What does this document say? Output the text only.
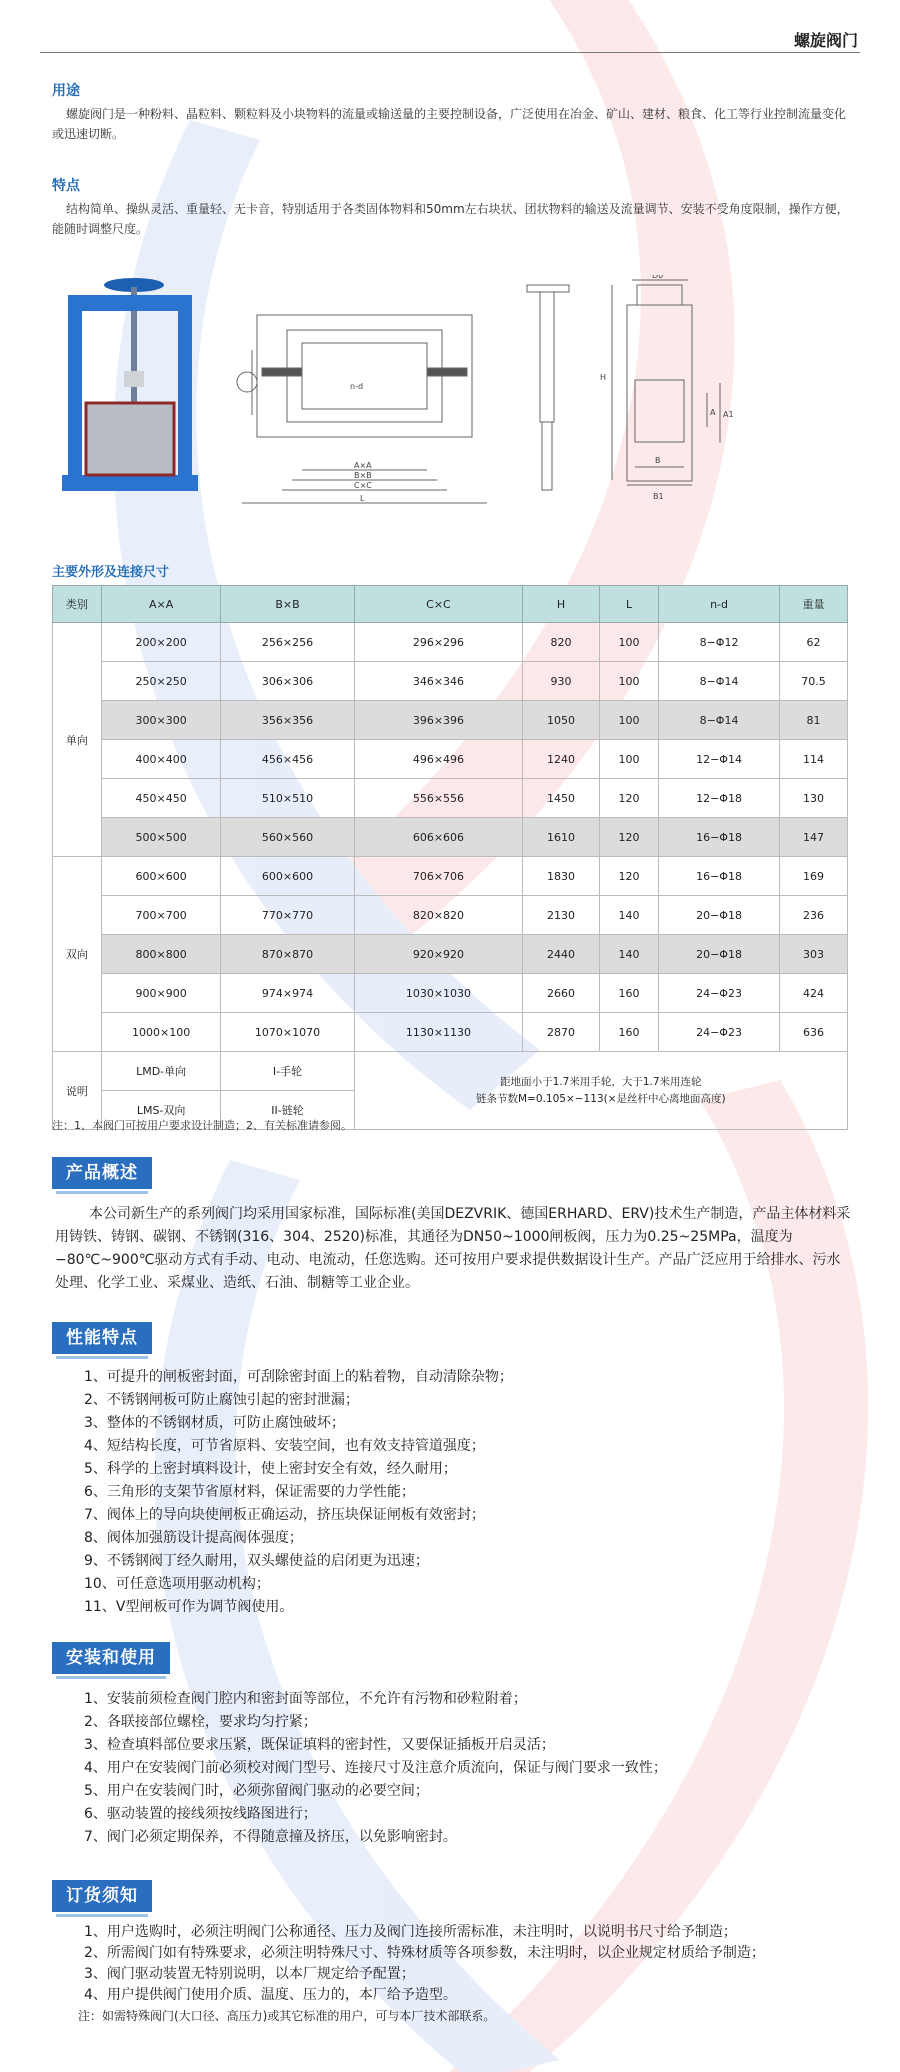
螺旋阀门
用途
螺旋阀门是一种粉料、晶粒料、颗粒料及小块物料的流量或输送量的主要控制设备，广泛使用在冶金、矿山、建材、粮食、化工等行业控制流量变化或迅速切断。
特点
结构简单、操纵灵活、重量轻、无卡音，特别适用于各类固体物料和50mm左右块状、团状物料的输送及流量调节、安装不受角度限制，操作方便，能随时调整尺度。
n-d
A×A
B×B
C×C
L
D0
H
A A1
B
B1
主要外形及连接尺寸
类别	A×A	B×B	C×C	H	L	n-d	重量
单向	200×200	256×256	296×296	820	100	8−Φ12	62
	250×250	306×306	346×346	930	100	8−Φ14	70.5
	300×300	356×356	396×396	1050	100	8−Φ14	81
	400×400	456×456	496×496	1240	100	12−Φ14	114
	450×450	510×510	556×556	1450	120	12−Φ18	130
	500×500	560×560	606×606	1610	120	16−Φ18	147
双向	600×600	600×600	706×706	1830	120	16−Φ18	169
	700×700	770×770	820×820	2130	140	20−Φ18	236
	800×800	870×870	920×920	2440	140	20−Φ18	303
	900×900	974×974	1030×1030	2660	160	24−Φ23	424
	1000×100	1070×1070	1130×1130	2870	160	24−Φ23	636
说明	LMD-单向	I-手轮	距地面小于1.7米用手轮，大于1.7米用连轮
链条节数M=0.105×−113(×是丝杆中心离地面高度)				

	LMS-双向	II-链轮					
注：1、本阀门可按用户要求设计制造；2、有关标准请参阅。
产品概述
本公司新生产的系列阀门均采用国家标准，国际标准(美国DEZVRIK、德国ERHARD、ERV)技术生产制造，产品主体材料采用铸铁、铸钢、碳钢、不锈钢(316、304、2520)标准，其通径为DN50~1000闸板阀，压力为0.25~25MPa，温度为−80℃~900℃驱动方式有手动、电动、电流动，任您选购。还可按用户要求提供数据设计生产。产品广泛应用于给排水、污水处理、化学工业、采煤业、造纸、石油、制糖等工业企业。
性能特点
1、可提升的闸板密封面，可刮除密封面上的粘着物，自动清除杂物；
2、不锈钢闸板可防止腐蚀引起的密封泄漏；
3、整体的不锈钢材质，可防止腐蚀破坏；
4、短结构长度，可节省原料、安装空间，也有效支持管道强度；
5、科学的上密封填料设计，使上密封安全有效，经久耐用；
6、三角形的支架节省原材料，保证需要的力学性能；
7、阀体上的导向块使闸板正确运动，挤压块保证闸板有效密封；
8、阀体加强筋设计提高阀体强度；
9、不锈钢阀丁经久耐用，双头螺使益的启闭更为迅速；
10、可任意选项用驱动机构；
11、V型闸板可作为调节阀使用。
安装和使用
1、安装前须检查阀门腔内和密封面等部位，不允许有污物和砂粒附着；
2、各联接部位螺栓，要求均匀拧紧；
3、检查填料部位要求压紧，既保证填料的密封性，又要保证插板开启灵活；
4、用户在安装阀门前必须校对阀门型号、连接尺寸及注意介质流向，保证与阀门要求一致性；
5、用户在安装阀门时，必须弥留阀门驱动的必要空间；
6、驱动装置的接线须按线路图进行；
7、阀门必须定期保养，不得随意撞及挤压，以免影响密封。
订货须知
1、用户选购时，必须注明阀门公称通径、压力及阀门连接所需标准，未注明时，以说明书尺寸给予制造；
2、所需阀门如有特殊要求，必须注明特殊尺寸、特殊材质等各项参数，未注明时，以企业规定材质给予制造；
3、阀门驱动装置无特别说明，以本厂规定给予配置；
4、用户提供阀门使用介质、温度、压力的，本厂给予造型。
注：如需特殊阀门(大口径、高压力)或其它标准的用户，可与本厂技术部联系。
